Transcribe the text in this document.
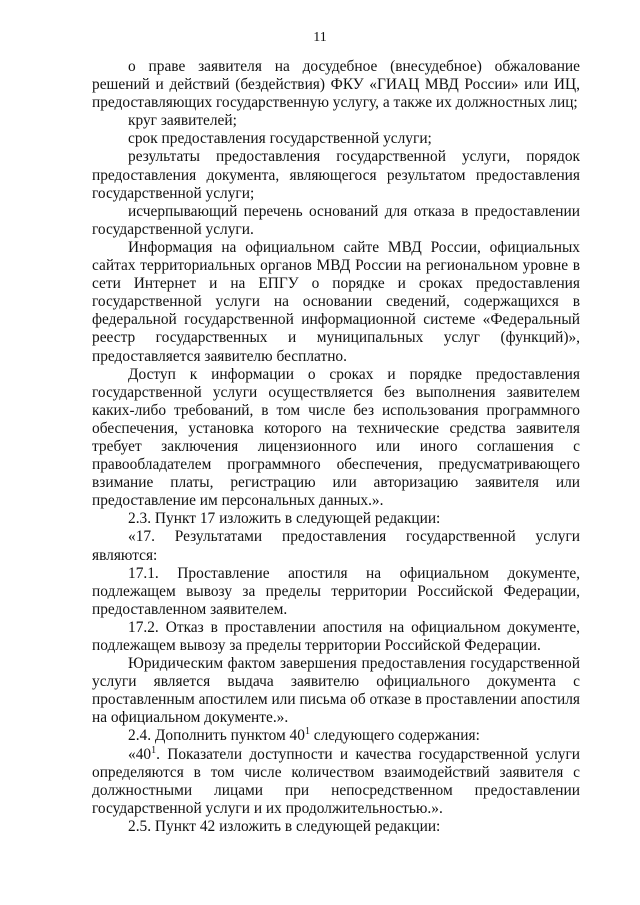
11

о праве заявителя на досудебное (внесудебное) обжалование решений и действий (бездействия) ФКУ «ГИАЦ МВД России» или ИЦ, предоставляющих государственную услугу, а также их должностных лиц;

круг заявителей;

срок предоставления государственной услуги;

результаты предоставления государственной услуги, порядок предоставления документа, являющегося результатом предоставления государственной услуги;

исчерпывающий перечень оснований для отказа в предоставлении государственной услуги.

Информация на официальном сайте МВД России, официальных сайтах территориальных органов МВД России на региональном уровне в сети Интернет и на ЕПГУ о порядке и сроках предоставления государственной услуги на основании сведений, содержащихся в федеральной государственной информационной системе «Федеральный реестр государственных и муниципальных услуг (функций)», предоставляется заявителю бесплатно.

Доступ к информации о сроках и порядке предоставления государственной услуги осуществляется без выполнения заявителем каких-либо требований, в том числе без использования программного обеспечения, установка которого на технические средства заявителя требует заключения лицензионного или иного соглашения с правообладателем программного обеспечения, предусматривающего взимание платы, регистрацию или авторизацию заявителя или предоставление им персональных данных.».

2.3. Пункт 17 изложить в следующей редакции:

«17. Результатами предоставления государственной услуги являются:

17.1. Проставление апостиля на официальном документе, подлежащем вывозу за пределы территории Российской Федерации, предоставленном заявителем.

17.2. Отказ в проставлении апостиля на официальном документе, подлежащем вывозу за пределы территории Российской Федерации.

Юридическим фактом завершения предоставления государственной услуги является выдача заявителю официального документа с проставленным апостилем или письма об отказе в проставлении апостиля на официальном документе.».

2.4. Дополнить пунктом $40^1$ следующего содержания:

«$40^1$. Показатели доступности и качества государственной услуги определяются в том числе количеством взаимодействий заявителя с должностными лицами при непосредственном предоставлении государственной услуги и их продолжительностью.».

2.5. Пункт 42 изложить в следующей редакции:
